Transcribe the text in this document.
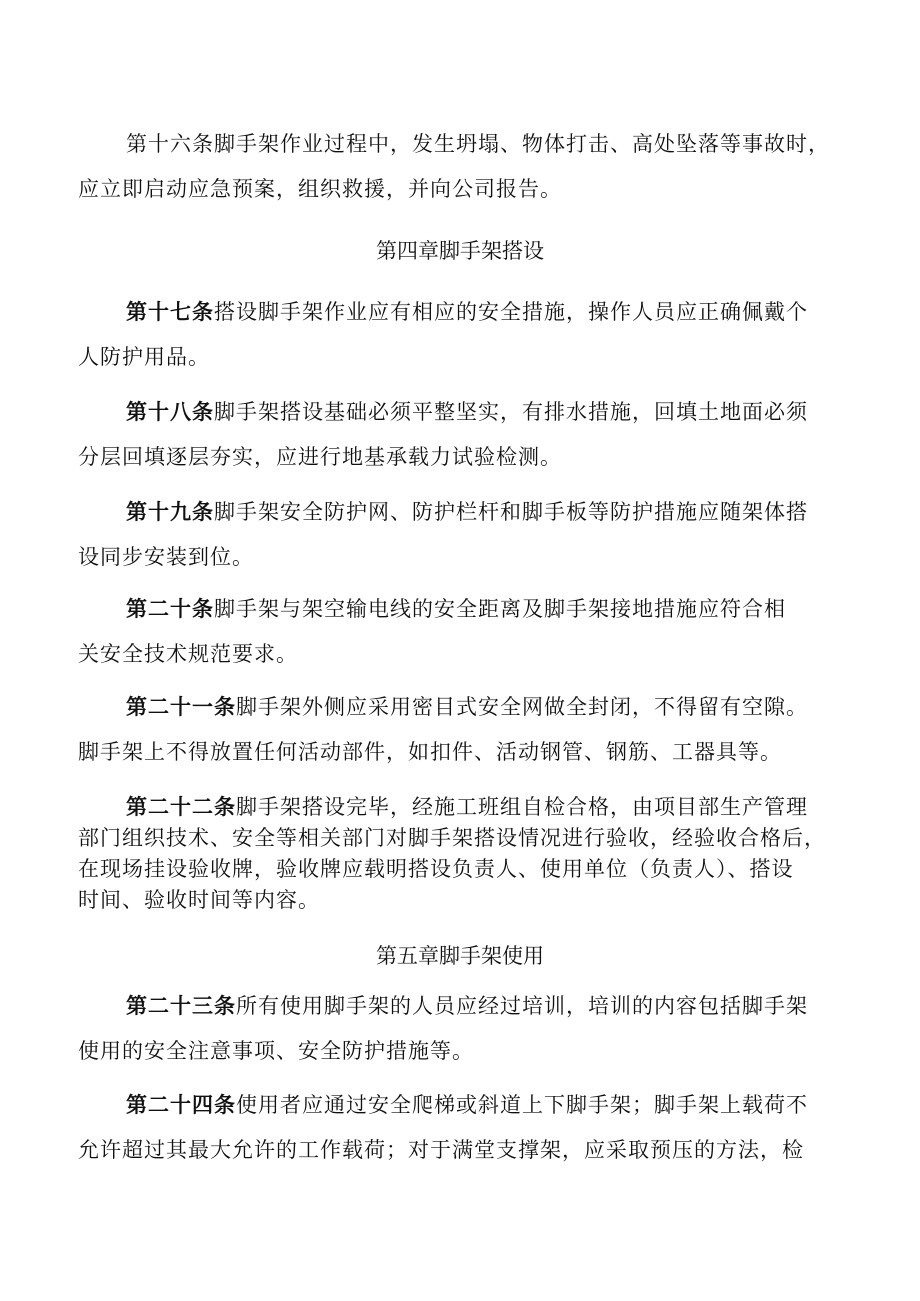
第十六条脚手架作业过程中，发生坍塌、物体打击、高处坠落等事故时，
应立即启动应急预案，组织救援，并向公司报告。

第四章脚手架搭设

第十七条搭设脚手架作业应有相应的安全措施，操作人员应正确佩戴个
人防护用品。

第十八条脚手架搭设基础必须平整坚实，有排水措施，回填土地面必须
分层回填逐层夯实，应进行地基承载力试验检测。

第十九条脚手架安全防护网、防护栏杆和脚手板等防护措施应随架体搭
设同步安装到位。

第二十条脚手架与架空输电线的安全距离及脚手架接地措施应符合相
关安全技术规范要求。

第二十一条脚手架外侧应采用密目式安全网做全封闭，不得留有空隙。
脚手架上不得放置任何活动部件，如扣件、活动钢管、钢筋、工器具等。

第二十二条脚手架搭设完毕，经施工班组自检合格，由项目部生产管理
部门组织技术、安全等相关部门对脚手架搭设情况进行验收，经验收合格后，
在现场挂设验收牌，验收牌应载明搭设负责人、使用单位（负责人）、搭设
时间、验收时间等内容。

第五章脚手架使用

第二十三条所有使用脚手架的人员应经过培训，培训的内容包括脚手架
使用的安全注意事项、安全防护措施等。

第二十四条使用者应通过安全爬梯或斜道上下脚手架；脚手架上载荷不
允许超过其最大允许的工作载荷；对于满堂支撑架，应采取预压的方法，检
